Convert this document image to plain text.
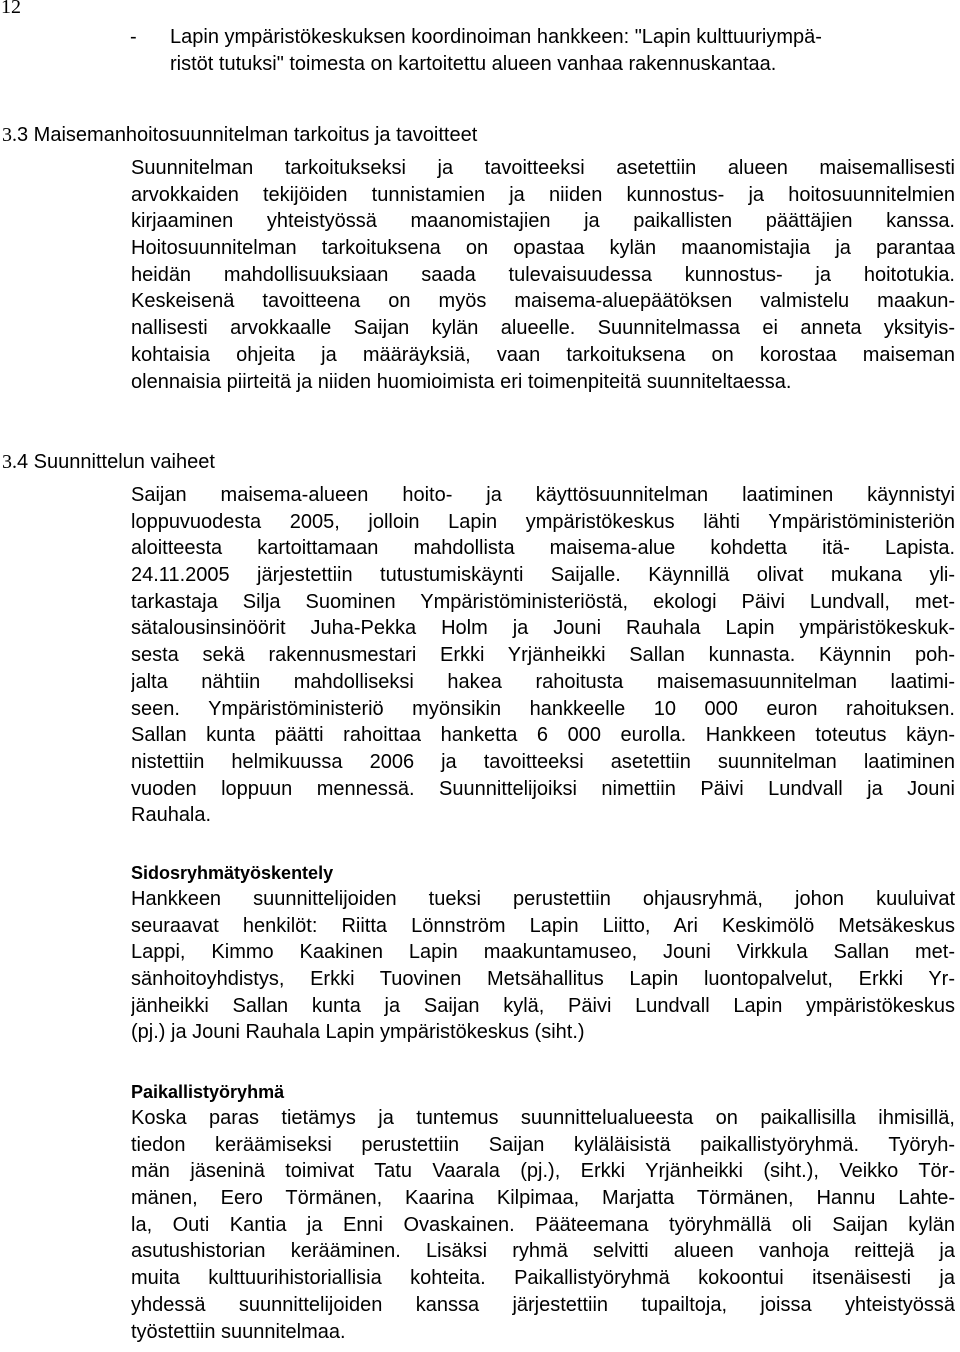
12
-	Lapin ympäristökeskuksen koordinoiman hankkeen: "Lapin kulttuuriympä-
ristöt tutuksi" toimesta on kartoitettu alueen vanhaa rakennuskantaa.
3.3 Maisemanhoitosuunnitelman tarkoitus ja tavoitteet
Suunnitelman tarkoitukseksi ja tavoitteeksi asetettiin alueen maisemallisesti
arvokkaiden tekijöiden tunnistamien ja niiden kunnostus- ja hoitosuunnitelmien
kirjaaminen yhteistyössä maanomistajien ja paikallisten päättäjien kanssa.
Hoitosuunnitelman tarkoituksena on opastaa kylän maanomistajia ja parantaa
heidän mahdollisuuksiaan saada tulevaisuudessa kunnostus- ja hoitotukia.
Keskeisenä tavoitteena on myös maisema-aluepäätöksen valmistelu maakun-
nallisesti arvokkaalle Saijan kylän alueelle. Suunnitelmassa ei anneta yksityis-
kohtaisia ohjeita ja määräyksiä, vaan tarkoituksena on korostaa maiseman
olennaisia piirteitä ja niiden huomioimista eri toimenpiteitä suunniteltaessa.
3.4 Suunnittelun vaiheet
Saijan maisema-alueen hoito- ja käyttösuunnitelman laatiminen käynnistyi
loppuvuodesta 2005, jolloin Lapin ympäristökeskus lähti Ympäristöministeriön
aloitteesta kartoittamaan mahdollista maisema-alue kohdetta itä- Lapista.
24.11.2005 järjestettiin tutustumiskäynti Saijalle. Käynnillä olivat mukana yli-
tarkastaja Silja Suominen Ympäristöministeriöstä, ekologi Päivi Lundvall, met-
sätalousinsinöörit Juha-Pekka Holm ja Jouni Rauhala Lapin ympäristökeskuk-
sesta sekä rakennusmestari Erkki Yrjänheikki Sallan kunnasta. Käynnin poh-
jalta nähtiin mahdolliseksi hakea rahoitusta maisemasuunnitelman laatimi-
seen. Ympäristöministeriö myönsikin hankkeelle 10 000 euron rahoituksen.
Sallan kunta päätti rahoittaa hanketta 6 000 eurolla. Hankkeen toteutus käyn-
nistettiin helmikuussa 2006 ja tavoitteeksi asetettiin suunnitelman laatiminen
vuoden loppuun mennessä. Suunnittelijoiksi nimettiin Päivi Lundvall ja Jouni
Rauhala.
Sidosryhmätyöskentely
Hankkeen suunnittelijoiden tueksi perustettiin ohjausryhmä, johon kuuluivat
seuraavat henkilöt: Riitta Lönnström Lapin Liitto, Ari Keskimölö Metsäkeskus
Lappi, Kimmo Kaakinen Lapin maakuntamuseo, Jouni Virkkula Sallan met-
sänhoitoyhdistys, Erkki Tuovinen Metsähallitus Lapin luontopalvelut, Erkki Yr-
jänheikki Sallan kunta ja Saijan kylä, Päivi Lundvall Lapin ympäristökeskus
(pj.) ja Jouni Rauhala Lapin ympäristökeskus (siht.)
Paikallistyöryhmä
Koska paras tietämys ja tuntemus suunnittelualueesta on paikallisilla ihmisillä,
tiedon keräämiseksi perustettiin Saijan kyläläisistä paikallistyöryhmä. Työryh-
män jäseninä toimivat Tatu Vaarala (pj.), Erkki Yrjänheikki (siht.), Veikko Tör-
mänen, Eero Törmänen, Kaarina Kilpimaa, Marjatta Törmänen, Hannu Lahte-
la, Outi Kantia ja Enni Ovaskainen. Pääteemana työryhmällä oli Saijan kylän
asutushistorian kerääminen. Lisäksi ryhmä selvitti alueen vanhoja reittejä ja
muita kulttuurihistoriallisia kohteita. Paikallistyöryhmä kokoontui itsenäisesti ja
yhdessä suunnittelijoiden kanssa järjestettiin tupailtoja, joissa yhteistyössä
työstettiin suunnitelmaa.
